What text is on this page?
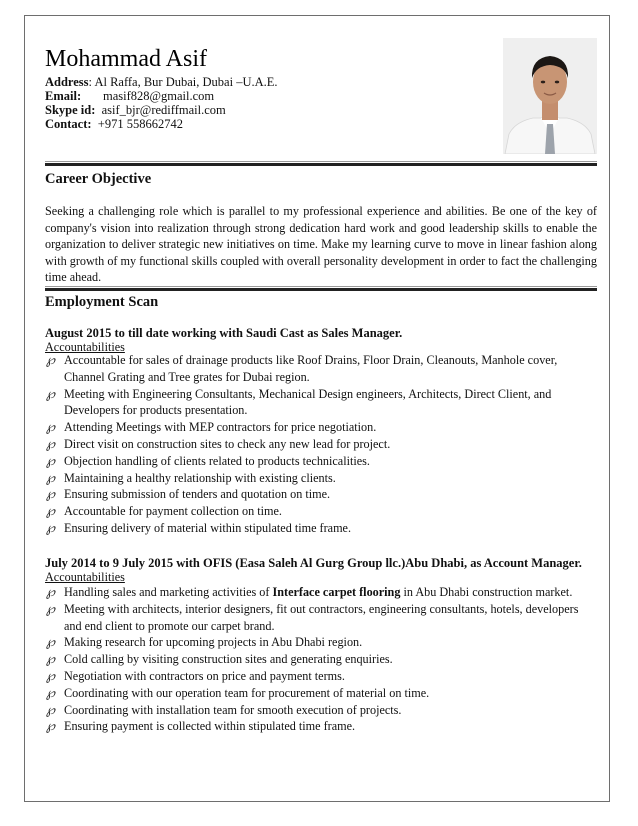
Mohammad Asif
Address: Al Raffa, Bur Dubai, Dubai –U.A.E.
Email: masif828@gmail.com
Skype id: asif_bjr@rediffmail.com
Contact: +971 558662742
Career Objective
Seeking a challenging role which is parallel to my professional experience and abilities. Be one of the key of company's vision into realization through strong dedication hard work and good leadership skills to enable the organization to deliver strategic new initiatives on time. Make my learning curve to move in linear fashion along with growth of my functional skills coupled with overall personality development in order to fact the challenging time ahead.
Employment Scan
August 2015 to till date working with Saudi Cast as Sales Manager.
Accountabilities
℘ Accountable for sales of drainage products like Roof Drains, Floor Drain, Cleanouts, Manhole cover, Channel Grating and Tree grates for Dubai region.
℘ Meeting with Engineering Consultants, Mechanical Design engineers, Architects, Direct Client, and Developers for products presentation.
℘ Attending Meetings with MEP contractors for price negotiation.
℘ Direct visit on construction sites to check any new lead for project.
℘ Objection handling of clients related to products technicalities.
℘ Maintaining a healthy relationship with existing clients.
℘ Ensuring submission of tenders and quotation on time.
℘ Accountable for payment collection on time.
℘ Ensuring delivery of material within stipulated time frame.
July 2014 to 9 July 2015 with OFIS (Easa Saleh Al Gurg Group llc.)Abu Dhabi, as Account Manager.
Accountabilities
℘ Handling sales and marketing activities of Interface carpet flooring in Abu Dhabi construction market.
℘ Meeting with architects, interior designers, fit out contractors, engineering consultants, hotels, developers and end client to promote our carpet brand.
℘ Making research for upcoming projects in Abu Dhabi region.
℘ Cold calling by visiting construction sites and generating enquiries.
℘ Negotiation with contractors on price and payment terms.
℘ Coordinating with our operation team for procurement of material on time.
℘ Coordinating with installation team for smooth execution of projects.
℘ Ensuring payment is collected within stipulated time frame.
